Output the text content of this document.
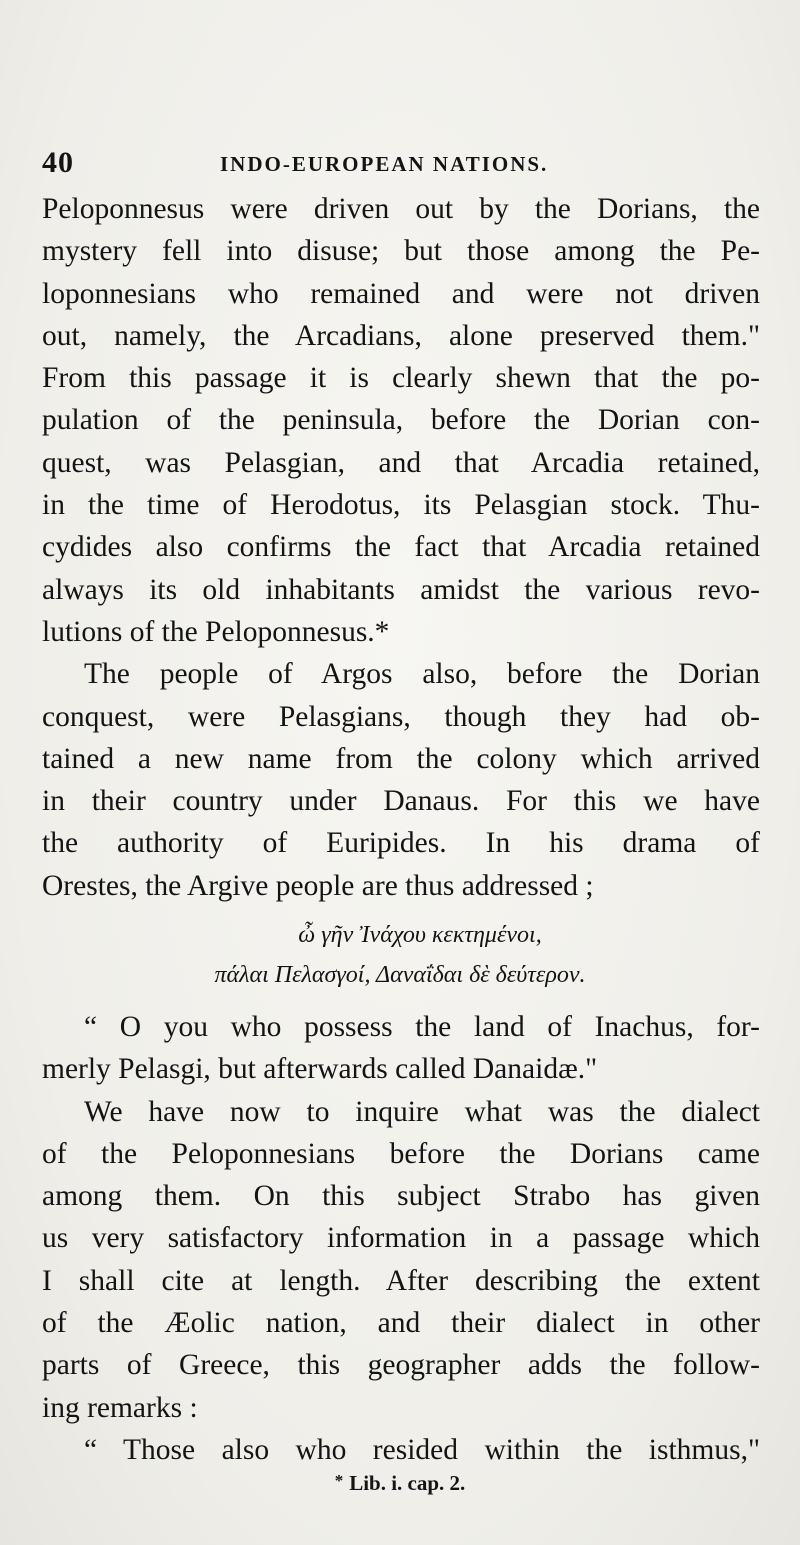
40	INDO-EUROPEAN NATIONS.
Peloponnesus were driven out by the Dorians, the
mystery fell into disuse; but those among the Pe-
loponnesians who remained and were not driven
out, namely, the Arcadians, alone preserved them."
From this passage it is clearly shewn that the po-
pulation of the peninsula, before the Dorian con-
quest, was Pelasgian, and that Arcadia retained,
in the time of Herodotus, its Pelasgian stock. Thu-
cydides also confirms the fact that Arcadia retained
always its old inhabitants amidst the various revo-
lutions of the Peloponnesus.*
The people of Argos also, before the Dorian
conquest, were Pelasgians, though they had ob-
tained a new name from the colony which arrived
in their country under Danaus. For this we have
the authority of Euripides. In his drama of
Orestes, the Argive people are thus addressed ;
ὦ γῆν Ἰνάχου κεκτημένοι,
πάλαι Πελασγοί, Δαναΐδαι δὲ δεύτερον.
“ O you who possess the land of Inachus, for-
merly Pelasgi, but afterwards called Danaidæ."
We have now to inquire what was the dialect
of the Peloponnesians before the Dorians came
among them. On this subject Strabo has given
us very satisfactory information in a passage which
I shall cite at length. After describing the extent
of the Æolic nation, and their dialect in other
parts of Greece, this geographer adds the follow-
ing remarks :
“ Those also who resided within the isthmus,"
* Lib. i. cap. 2.
